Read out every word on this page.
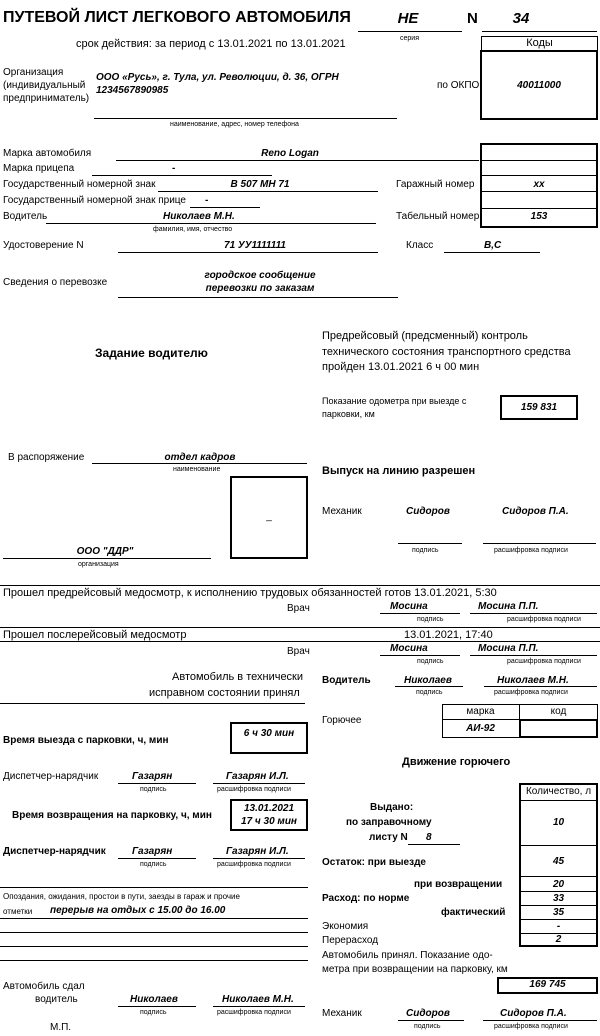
ПУТЕВОЙ ЛИСТ ЛЕГКОВОГО АВТОМОБИЛЯ	НЕ	N	34
срок действия: за период с 13.01.2021 по 13.01.2021	серия	Коды
Организация
(индивидуальный
предприниматель)
ООО «Русь», г. Тула, ул. Революции, д. 36, ОГРН
1234567890985
наименование, адрес, номер телефона
по ОКПО	40011000
Марка автомобиля	Reno Logan
Марка прицепа	-
Государственный номерной знак	В 507 МН 71	Гаражный номер	хх
Государственный номерной знак прице -
Водитель	Николаев М.Н.
фамилия, имя, отчество
Табельный номер	153
Удостоверение N	71 УУ1111111	Класс	В,С
Сведения о перевозке
городское сообщение
перевозки по заказам
Задание водителю
Предрейсовый (предсменный) контроль
технического состояния транспортного средства
пройден 13.01.2021 6 ч 00 мин
Показание одометра при выезде с
парковки, км
159 831
В распоряжение	отдел кадров
наименование
_
ООО "ДДР"
организация
Выпуск на линию разрешен
Механик	Сидоров	Сидоров П.А.
подпись	расшифровка подписи
Прошел предрейсовый медосмотр, к исполнению трудовых обязанностей готов 13.01.2021, 5:30
Врач	Мосина	Мосина П.П.
подпись	расшифровка подписи
Прошел послерейсовый медосмотр	13.01.2021, 17:40
Врач	Мосина	Мосина П.П.
подпись	расшифровка подписи
Автомобиль в технически
исправном состоянии принял
Водитель	Николаев	Николаев М.Н.
подпись	расшифровка подписи
Горючее
марка	код
АИ-92
Время выезда с парковки, ч, мин
6 ч 30 мин
Диспетчер-нарядчик	Газарян	Газарян И.Л.
подпись	расшифровка подписи
Время возвращения на парковку, ч, мин
13.01.2021
17 ч 30 мин
Диспетчер-нарядчик	Газарян	Газарян И.Л.
подпись	расшифровка подписи
Опоздания, ожидания, простои в пути, заезды в гараж и прочие
отметки перерыв на отдых с 15.00 до 16.00
Движение горючего
Количество, л
Выдано:
по заправочному
листу N 8
10
Остаток: при выезде	45
при возвращении	20
Расход: по норме	33
фактический	35
Экономия	-
Перерасход	2
Автомобиль принял. Показание одо-
метра при возвращении на парковку, км
169 745
Автомобиль сдал
водитель	Николаев	Николаев М.Н.
подпись	расшифровка подписи
М.П.
Механик	Сидоров	Сидоров П.А.
подпись	расшифровка подписи
